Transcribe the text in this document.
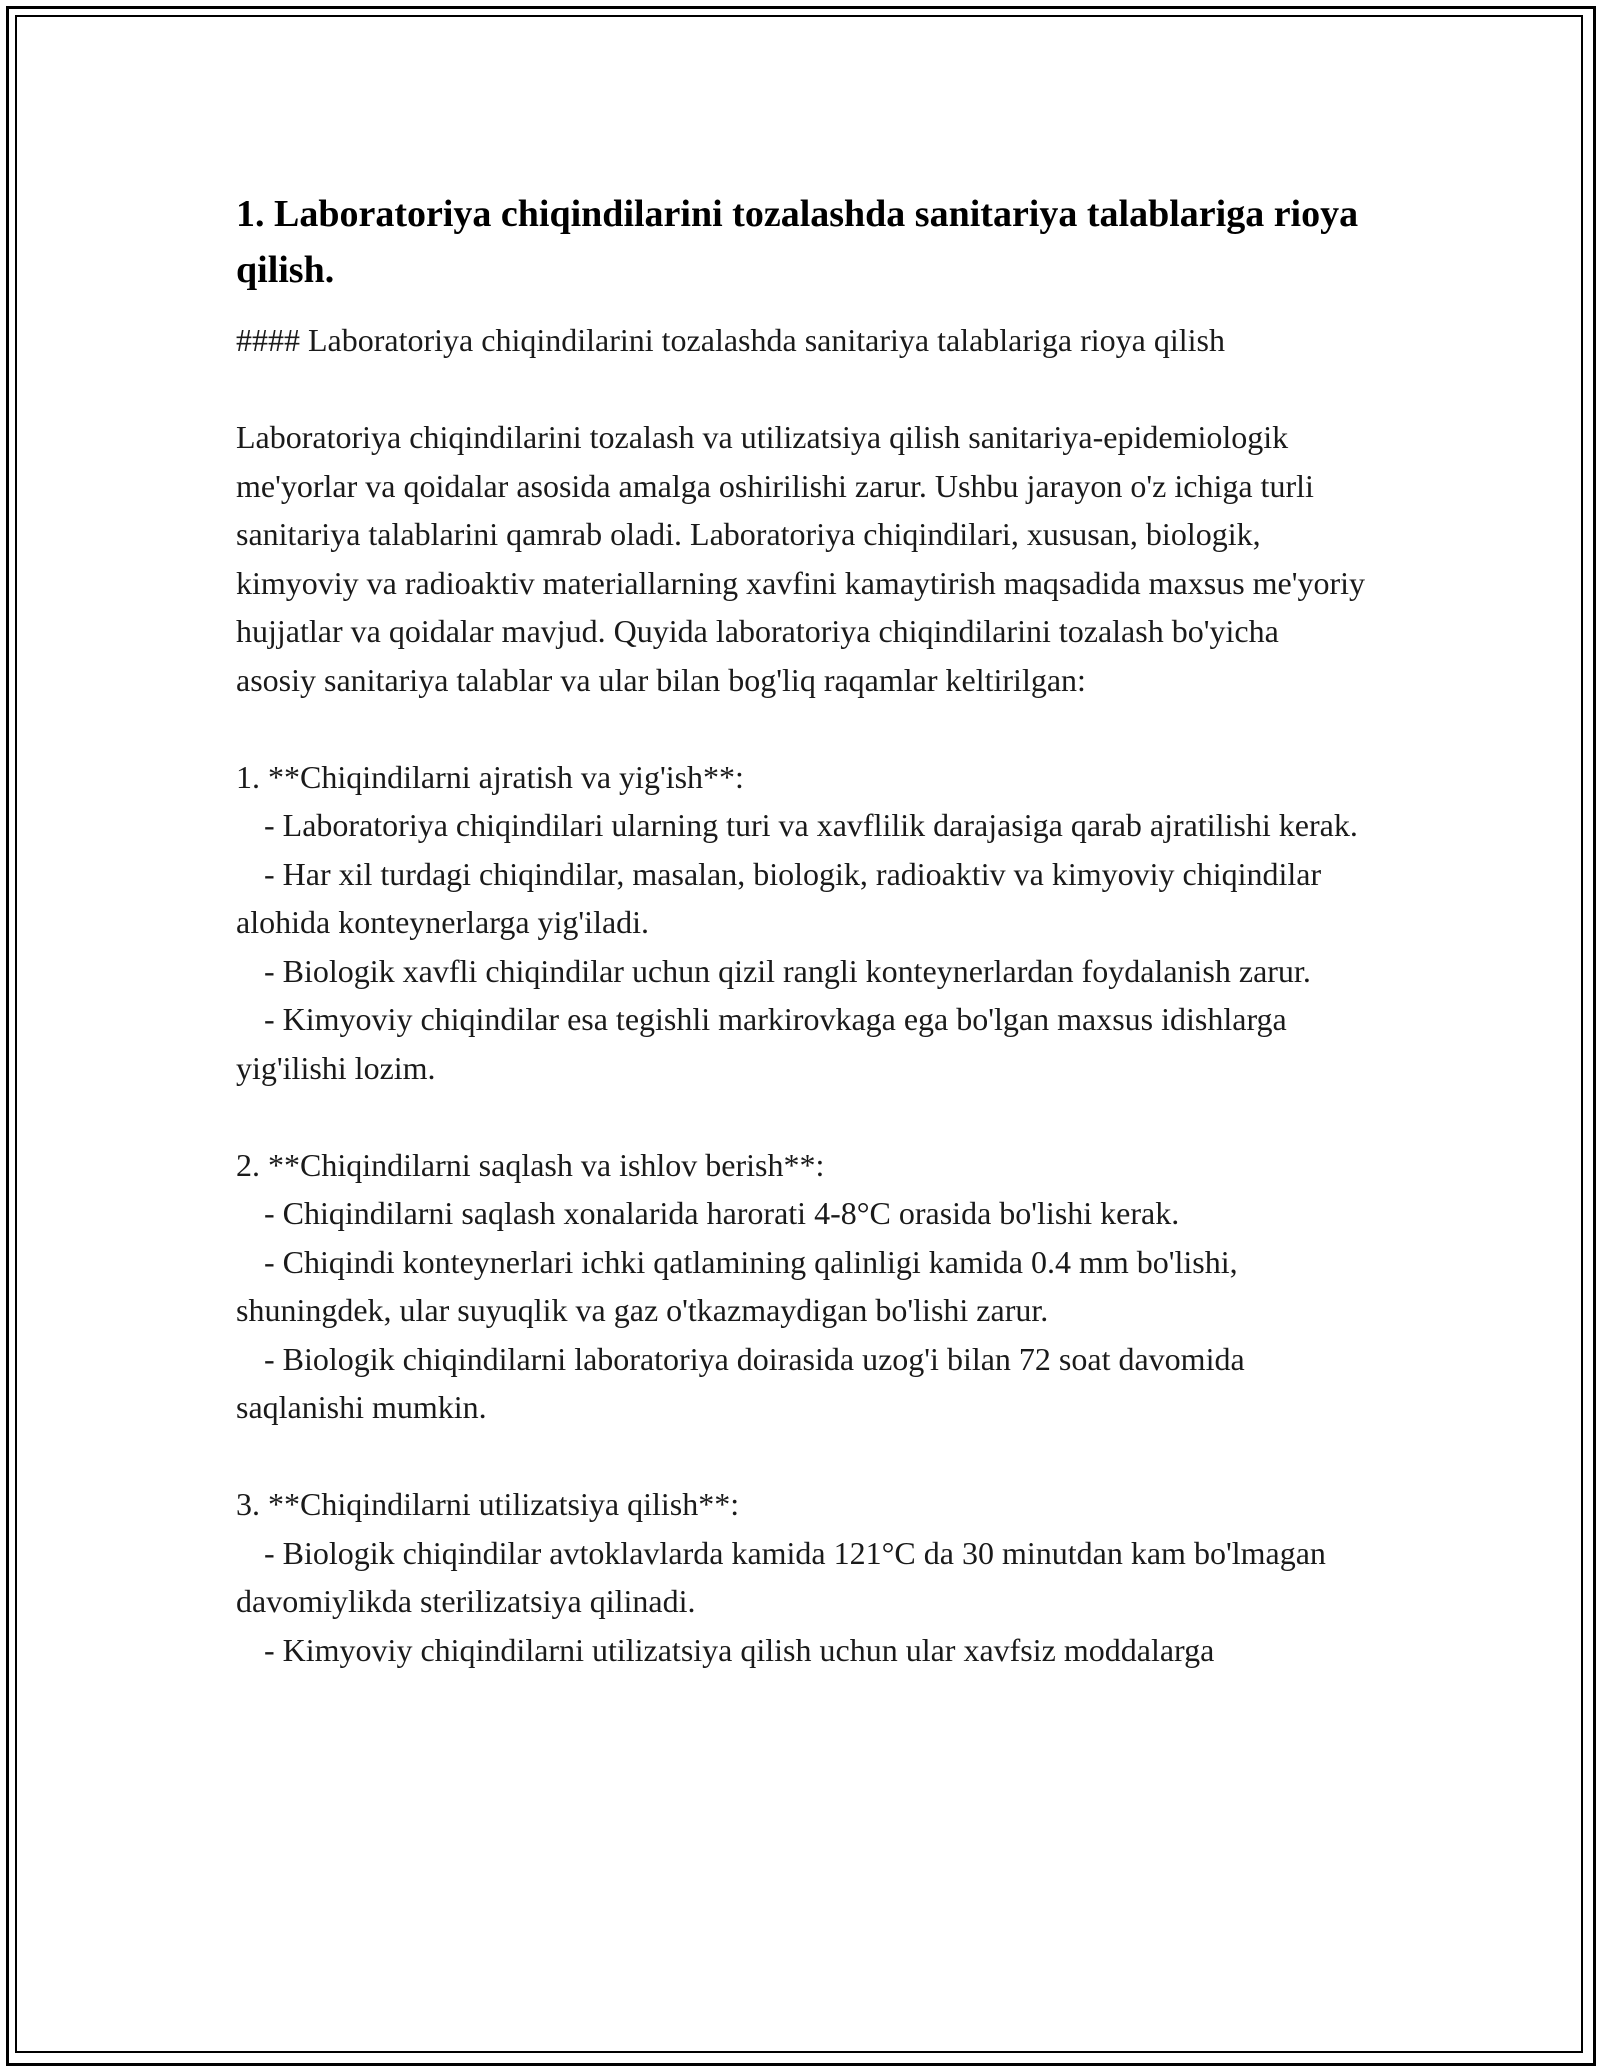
1. Laboratoriya chiqindilarini tozalashda sanitariya talablariga rioya qilish.

#### Laboratoriya chiqindilarini tozalashda sanitariya talablariga rioya qilish

Laboratoriya chiqindilarini tozalash va utilizatsiya qilish sanitariya-epidemiologik me'yorlar va qoidalar asosida amalga oshirilishi zarur. Ushbu jarayon o'z ichiga turli sanitariya talablarini qamrab oladi. Laboratoriya chiqindilari, xususan, biologik, kimyoviy va radioaktiv materiallarning xavfini kamaytirish maqsadida maxsus me'yoriy hujjatlar va qoidalar mavjud. Quyida laboratoriya chiqindilarini tozalash bo'yicha asosiy sanitariya talablar va ular bilan bog'liq raqamlar keltirilgan:

1. **Chiqindilarni ajratish va yig'ish**:

- Laboratoriya chiqindilari ularning turi va xavflilik darajasiga qarab ajratilishi kerak.

- Har xil turdagi chiqindilar, masalan, biologik, radioaktiv va kimyoviy chiqindilar alohida konteynerlarga yig'iladi.

- Biologik xavfli chiqindilar uchun qizil rangli konteynerlardan foydalanish zarur.

- Kimyoviy chiqindilar esa tegishli markirovkaga ega bo'lgan maxsus idishlarga yig'ilishi lozim.

2. **Chiqindilarni saqlash va ishlov berish**:

- Chiqindilarni saqlash xonalarida harorati 4-8°C orasida bo'lishi kerak.

- Chiqindi konteynerlari ichki qatlamining qalinligi kamida 0.4 mm bo'lishi, shuningdek, ular suyuqlik va gaz o'tkazmaydigan bo'lishi zarur.

- Biologik chiqindilarni laboratoriya doirasida uzog'i bilan 72 soat davomida saqlanishi mumkin.

3. **Chiqindilarni utilizatsiya qilish**:

- Biologik chiqindilar avtoklavlarda kamida 121°C da 30 minutdan kam bo'lmagan davomiylikda sterilizatsiya qilinadi.

- Kimyoviy chiqindilarni utilizatsiya qilish uchun ular xavfsiz moddalarga
